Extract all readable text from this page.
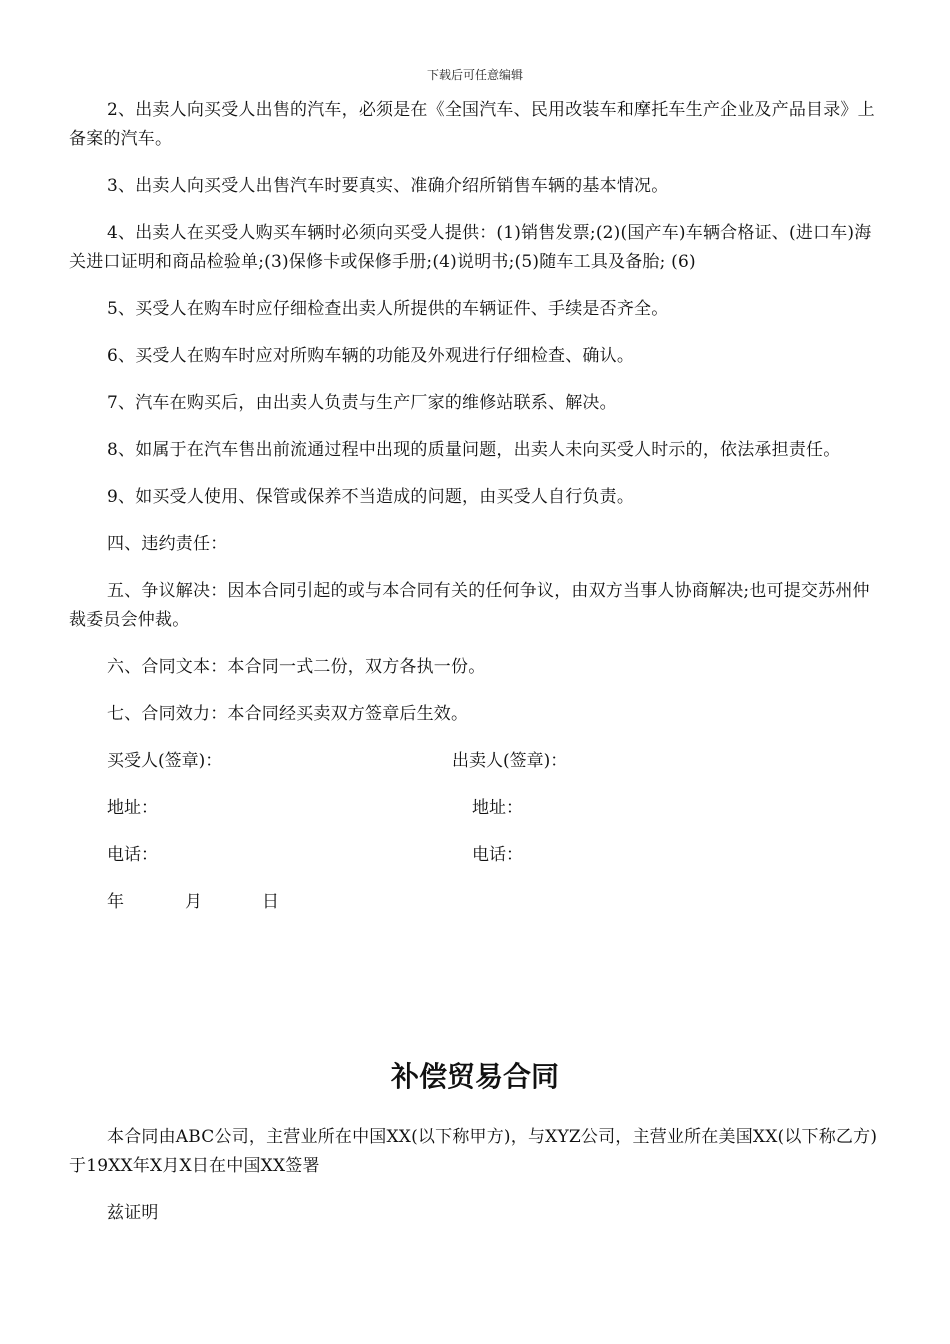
下载后可任意编辑

2、出卖人向买受人出售的汽车，必须是在《全国汽车、民用改装车和摩托车生产企业及产品目录》上备案的汽车。

3、出卖人向买受人出售汽车时要真实、准确介绍所销售车辆的基本情况。

4、出卖人在买受人购买车辆时必须向买受人提供：(1)销售发票;(2)(国产车)车辆合格证、(进口车)海关进口证明和商品检验单;(3)保修卡或保修手册;(4)说明书;(5)随车工具及备胎; (6)

5、买受人在购车时应仔细检查出卖人所提供的车辆证件、手续是否齐全。

6、买受人在购车时应对所购车辆的功能及外观进行仔细检查、确认。

7、汽车在购买后，由出卖人负责与生产厂家的维修站联系、解决。

8、如属于在汽车售出前流通过程中出现的质量问题，出卖人未向买受人时示的，依法承担责任。

9、如买受人使用、保管或保养不当造成的问题，由买受人自行负责。

四、违约责任：

五、争议解决：因本合同引起的或与本合同有关的任何争议，由双方当事人协商解决;也可提交苏州仲裁委员会仲裁。

六、合同文本：本合同一式二份，双方各执一份。

七、合同效力：本合同经买卖双方签章后生效。

买受人(签章)：	出卖人(签章)：
地址：	地址：
电话：	电话：
年	月	日
补偿贸易合同

本合同由ABC公司，主营业所在中国XX(以下称甲方)，与XYZ公司，主营业所在美国XX(以下称乙方)于19XX年X月X日在中国XX签署

兹证明
